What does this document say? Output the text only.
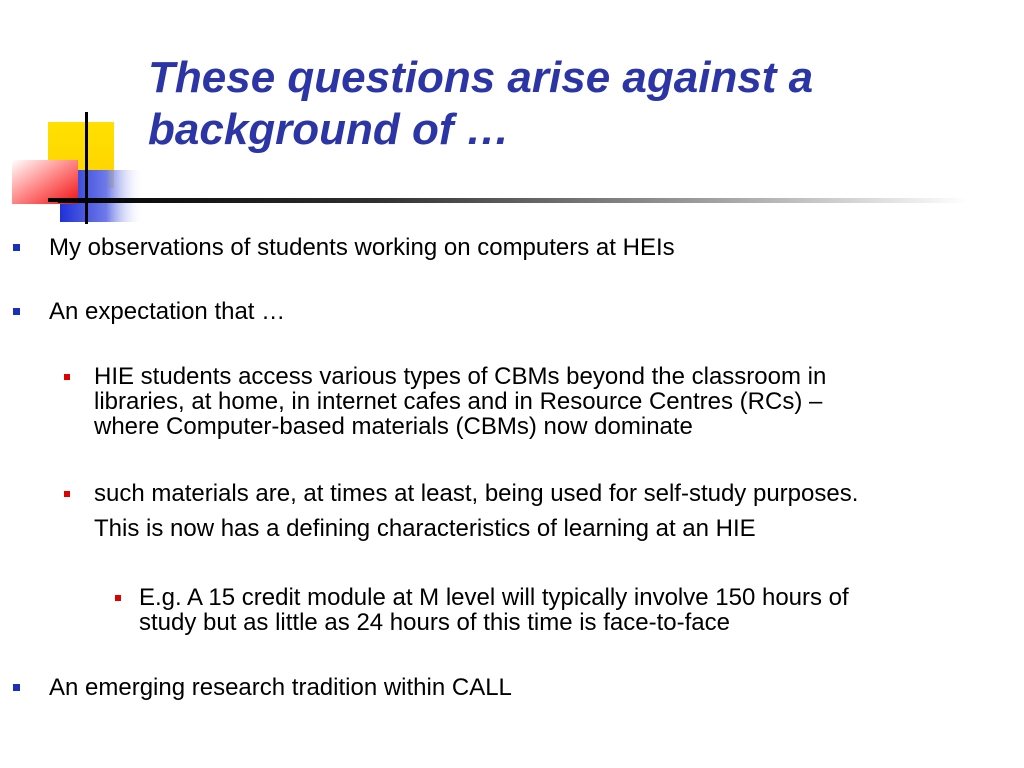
These questions arise against a
background of …
My observations of students working on computers at HEIs
An expectation that …
HIE students access various types of CBMs beyond the classroom in
libraries, at home, in internet cafes and in Resource Centres (RCs) –
where Computer-based materials (CBMs) now dominate
such materials are, at times at least, being used for self-study purposes.
This is now has a defining characteristics of learning at an HIE
E.g. A 15 credit module at M level will typically involve 150 hours of
study but as little as 24 hours of this time is face-to-face
An emerging research tradition within CALL
